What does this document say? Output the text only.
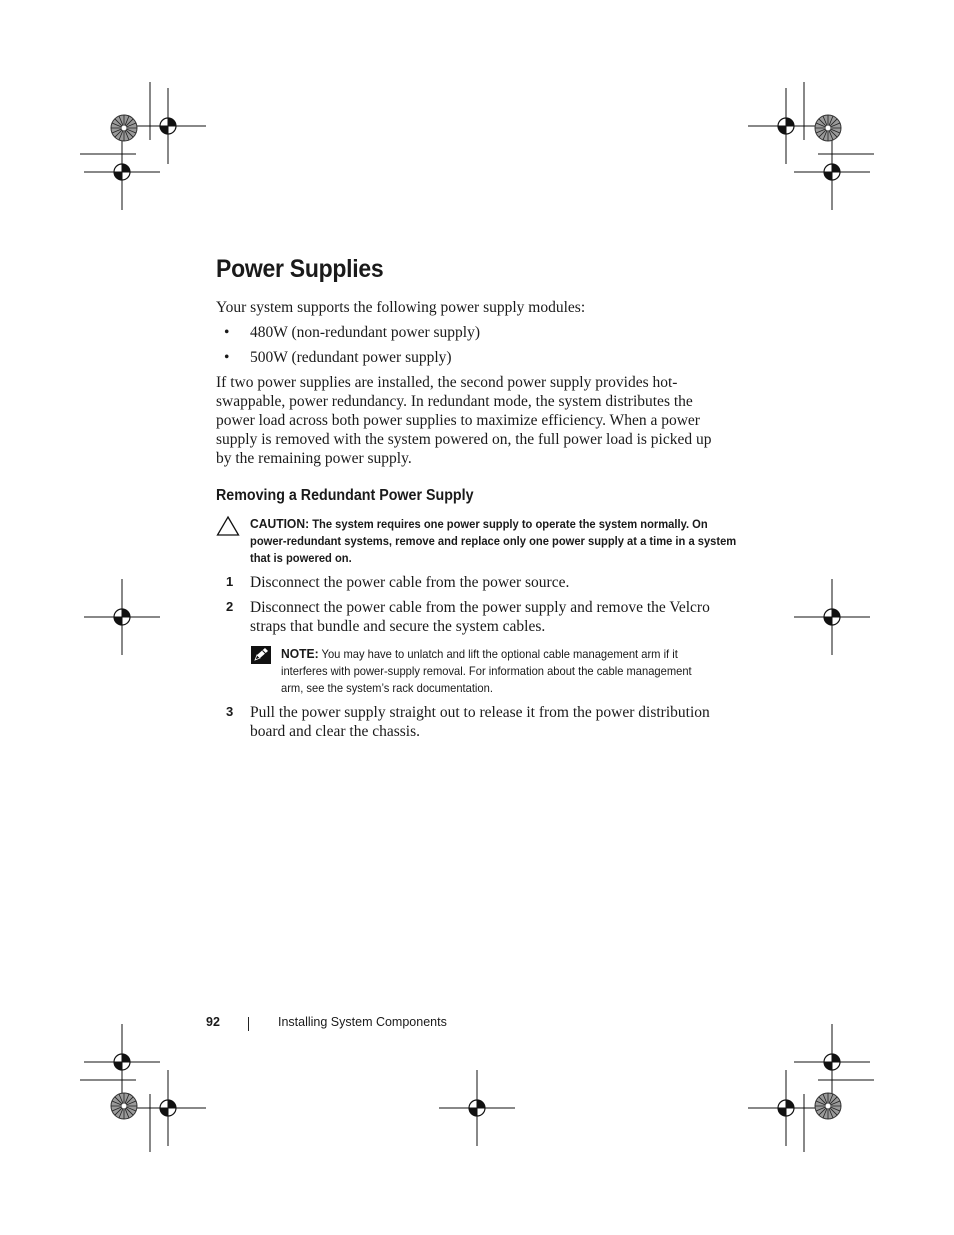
Power Supplies

Your system supports the following power supply modules:

• 480W (non-redundant power supply)
• 500W (redundant power supply)

If two power supplies are installed, the second power supply provides hot-swappable, power redundancy. In redundant mode, the system distributes the power load across both power supplies to maximize efficiency. When a power supply is removed with the system powered on, the full power load is picked up by the remaining power supply.

Removing a Redundant Power Supply
CAUTION: The system requires one power supply to operate the system normally. On power-redundant systems, remove and replace only one power supply at a time in a system that is powered on.
1 Disconnect the power cable from the power source.
2 Disconnect the power cable from the power supply and remove the Velcro straps that bundle and secure the system cables.
NOTE: You may have to unlatch and lift the optional cable management arm if it interferes with power-supply removal. For information about the cable management arm, see the system’s rack documentation.
3 Pull the power supply straight out to release it from the power distribution board and clear the chassis.
92	Installing System Components
